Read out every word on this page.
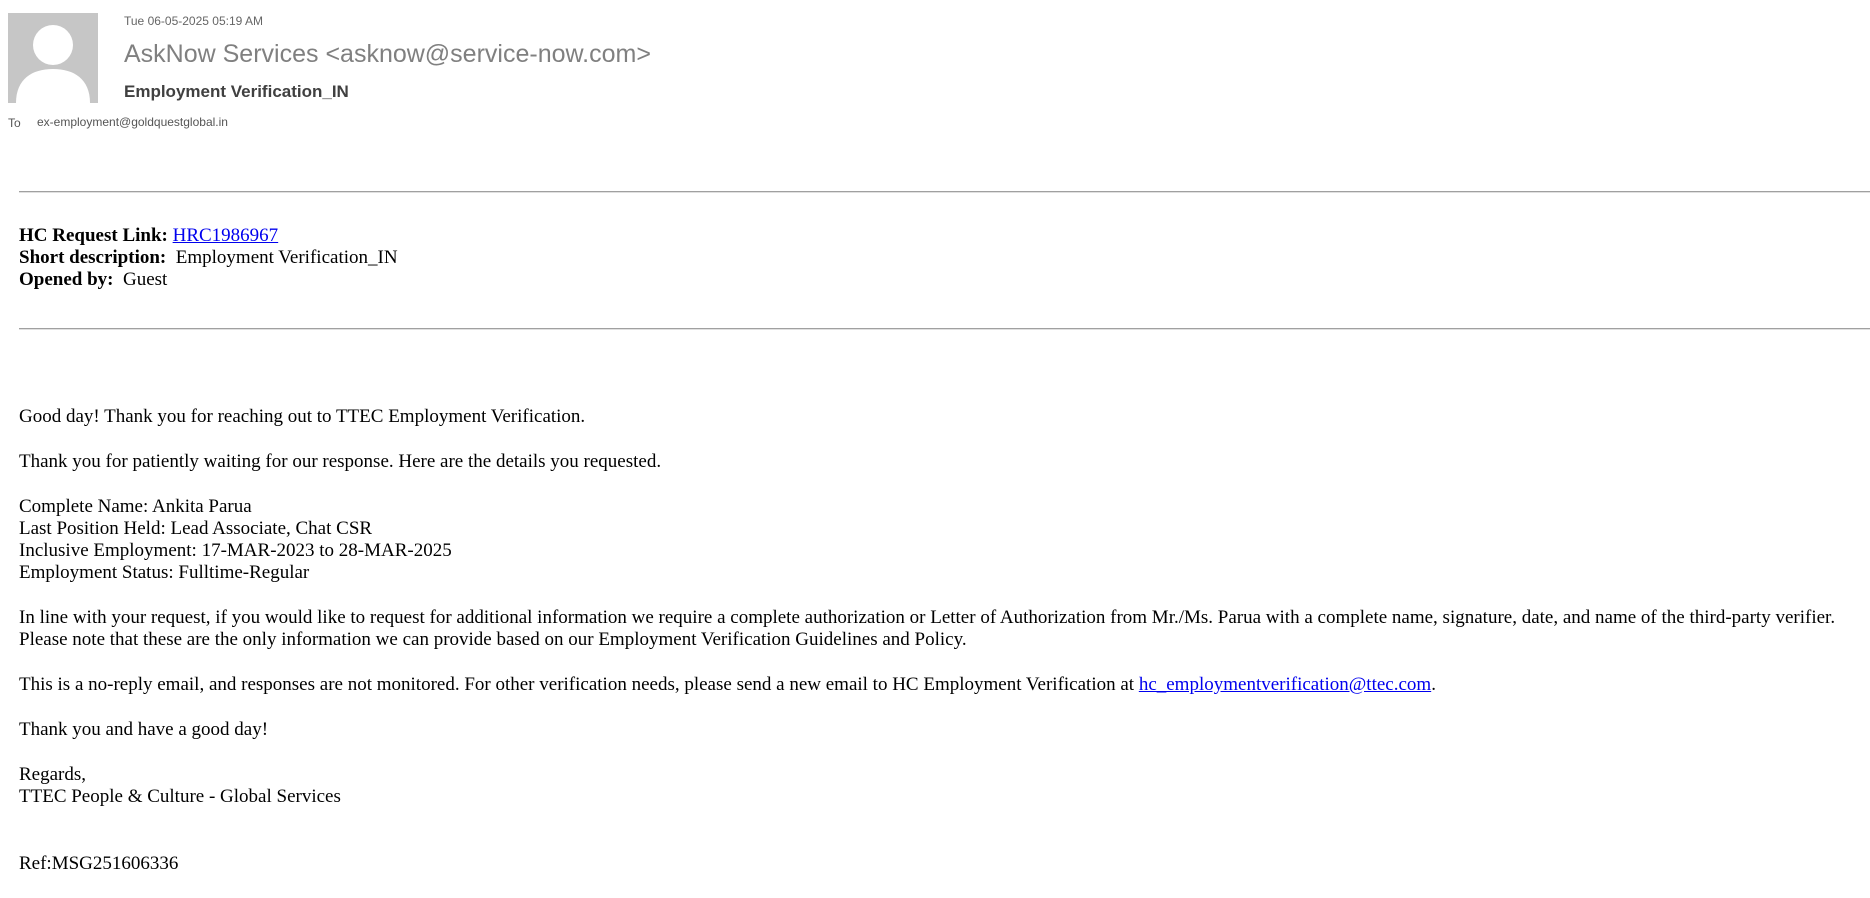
Tue 06-05-2025 05:19 AM
AskNow Services <asknow@service-now.com>
Employment Verification_IN
To ex-employment@goldquestglobal.in
HC Request Link: HRC1986967
Short description: Employment Verification_IN
Opened by: Guest

Good day! Thank you for reaching out to TTEC Employment Verification.

Thank you for patiently waiting for our response. Here are the details you requested.

Complete Name: Ankita Parua
Last Position Held: Lead Associate, Chat CSR
Inclusive Employment: 17-MAR-2023 to 28-MAR-2025
Employment Status: Fulltime-Regular

In line with your request, if you would like to request for additional information we require a complete authorization or Letter of Authorization from Mr./Ms. Parua with a complete name, signature, date, and name of the third-party verifier. Please note that these are the only information we can provide based on our Employment Verification Guidelines and Policy.

This is a no-reply email, and responses are not monitored. For other verification needs, please send a new email to HC Employment Verification at hc_employmentverification@ttec.com.

Thank you and have a good day!

Regards,
TTEC People & Culture - Global Services

Ref:MSG251606336
